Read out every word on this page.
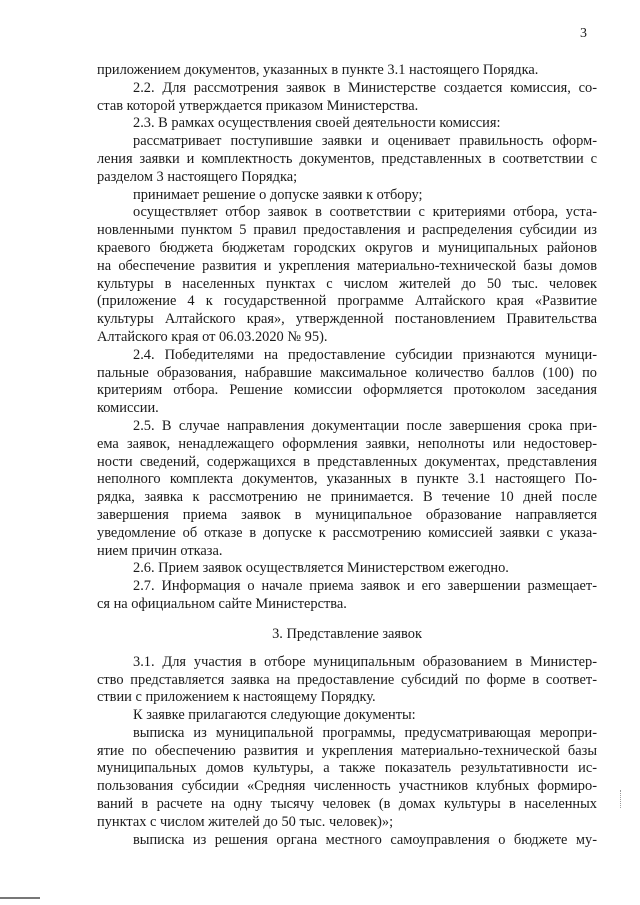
3
приложением документов, указанных в пункте 3.1 настоящего Порядка.
2.2. Для рассмотрения заявок в Министерстве создается комиссия, со-
став которой утверждается приказом Министерства.
2.3. В рамках осуществления своей деятельности комиссия:
рассматривает поступившие заявки и оценивает правильность оформ-
ления заявки и комплектность документов, представленных в соответствии с
разделом 3 настоящего Порядка;
принимает решение о допуске заявки к отбору;
осуществляет отбор заявок в соответствии с критериями отбора, уста-
новленными пунктом 5 правил предоставления и распределения субсидии из
краевого бюджета бюджетам городских округов и муниципальных районов
на обеспечение развития и укрепления материально-технической базы домов
культуры в населенных пунктах с числом жителей до 50 тыс. человек
(приложение 4 к государственной программе Алтайского края «Развитие
культуры Алтайского края», утвержденной постановлением Правительства
Алтайского края от 06.03.2020 № 95).
2.4. Победителями на предоставление субсидии признаются муници-
пальные образования, набравшие максимальное количество баллов (100) по
критериям отбора. Решение комиссии оформляется протоколом заседания
комиссии.
2.5. В случае направления документации после завершения срока при-
ема заявок, ненадлежащего оформления заявки, неполноты или недостовер-
ности сведений, содержащихся в представленных документах, представления
неполного комплекта документов, указанных в пункте 3.1 настоящего По-
рядка, заявка к рассмотрению не принимается. В течение 10 дней после
завершения приема заявок в муниципальное образование направляется
уведомление об отказе в допуске к рассмотрению комиссией заявки с указа-
нием причин отказа.
2.6. Прием заявок осуществляется Министерством ежегодно.
2.7. Информация о начале приема заявок и его завершении размещает-
ся на официальном сайте Министерства.
3. Представление заявок
3.1. Для участия в отборе муниципальным образованием в Министер-
ство представляется заявка на предоставление субсидий по форме в соответ-
ствии с приложением к настоящему Порядку.
К заявке прилагаются следующие документы:
выписка из муниципальной программы, предусматривающая меропри-
ятие по обеспечению развития и укрепления материально-технической базы
муниципальных домов культуры, а также показатель результативности ис-
пользования субсидии «Средняя численность участников клубных формиро-
ваний в расчете на одну тысячу человек (в домах культуры в населенных
пунктах с числом жителей до 50 тыс. человек)»;
выписка из решения органа местного самоуправления о бюджете му-
